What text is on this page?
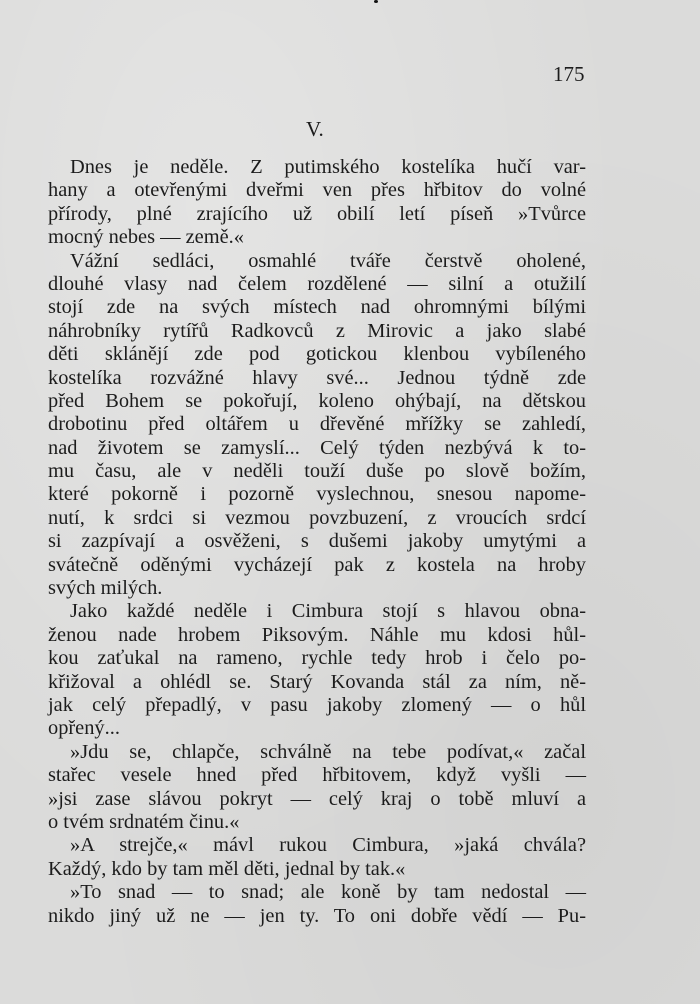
175
V.
Dnes je neděle. Z putimského kostelíka hučí var-
hany a otevřenými dveřmi ven přes hřbitov do volné
přírody, plné zrajícího už obilí letí píseň »Tvůrce
mocný nebes — země.«
Vážní sedláci, osmahlé tváře čerstvě oholené,
dlouhé vlasy nad čelem rozdělené — silní a otužilí
stojí zde na svých místech nad ohromnými bílými
náhrobníky rytířů Radkovců z Mirovic a jako slabé
děti sklánějí zde pod gotickou klenbou vybíleného
kostelíka rozvážné hlavy své... Jednou týdně zde
před Bohem se pokořují, koleno ohýbají, na dětskou
drobotinu před oltářem u dřevěné mřížky se zahledí,
nad životem se zamyslí... Celý týden nezbývá k to-
mu času, ale v neděli touží duše po slově božím,
které pokorně i pozorně vyslechnou, snesou napome-
nutí, k srdci si vezmou povzbuzení, z vroucích srdcí
si zazpívají a osvěženi, s dušemi jakoby umytými a
svátečně oděnými vycházejí pak z kostela na hroby
svých milých.
Jako každé neděle i Cimbura stojí s hlavou obna-
ženou nade hrobem Piksovým. Náhle mu kdosi hůl-
kou zaťukal na rameno, rychle tedy hrob i čelo po-
křižoval a ohlédl se. Starý Kovanda stál za ním, ně-
jak celý přepadlý, v pasu jakoby zlomený — o hůl
opřený...
»Jdu se, chlapče, schválně na tebe podívat,« začal
stařec vesele hned před hřbitovem, když vyšli —
»jsi zase slávou pokryt — celý kraj o tobě mluví a
o tvém srdnatém činu.«
»A strejče,« mávl rukou Cimbura, »jaká chvála?
Každý, kdo by tam měl děti, jednal by tak.«
»To snad — to snad; ale koně by tam nedostal —
nikdo jiný už ne — jen ty. To oni dobře vědí — Pu-
